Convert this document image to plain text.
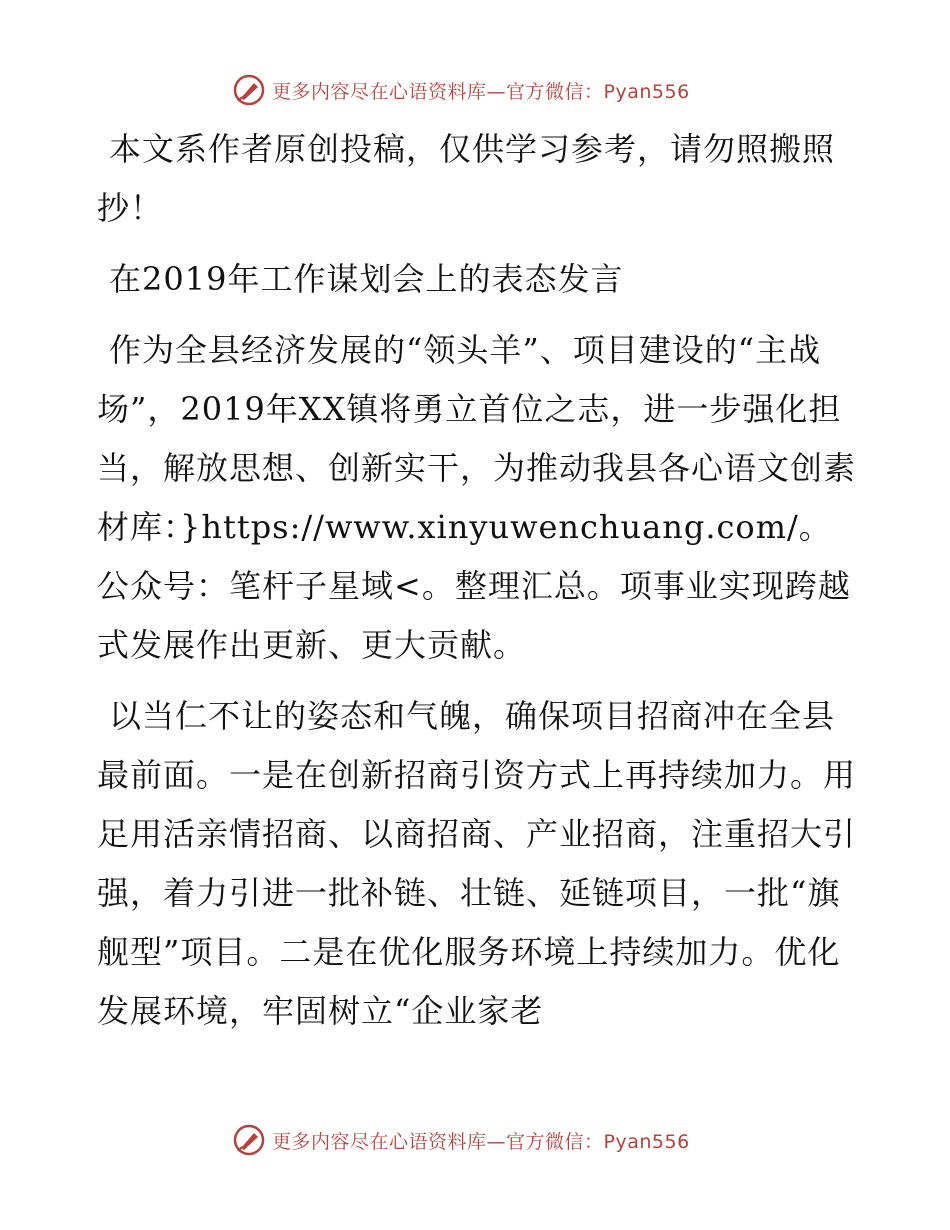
更多内容尽在心语资料库—官方微信：Pyan556

本文系作者原创投稿，仅供学习参考，请勿照搬照抄！

在2019年工作谋划会上的表态发言

作为全县经济发展的“领头羊”、项目建设的“主战场”，2019年XX镇将勇立首位之志，进一步强化担当，解放思想、创新实干，为推动我县各心语文创素材库：}https://www.xinyuwenchuang.com/。公众号：笔杆子星域<。整理汇总。项事业实现跨越式发展作出更新、更大贡献。

以当仁不让的姿态和气魄，确保项目招商冲在全县最前面。一是在创新招商引资方式上再持续加力。用足用活亲情招商、以商招商、产业招商，注重招大引强，着力引进一批补链、壮链、延链项目，一批“旗舰型”项目。二是在优化服务环境上持续加力。优化发展环境，牢固树立“企业家老

更多内容尽在心语资料库—官方微信：Pyan556
